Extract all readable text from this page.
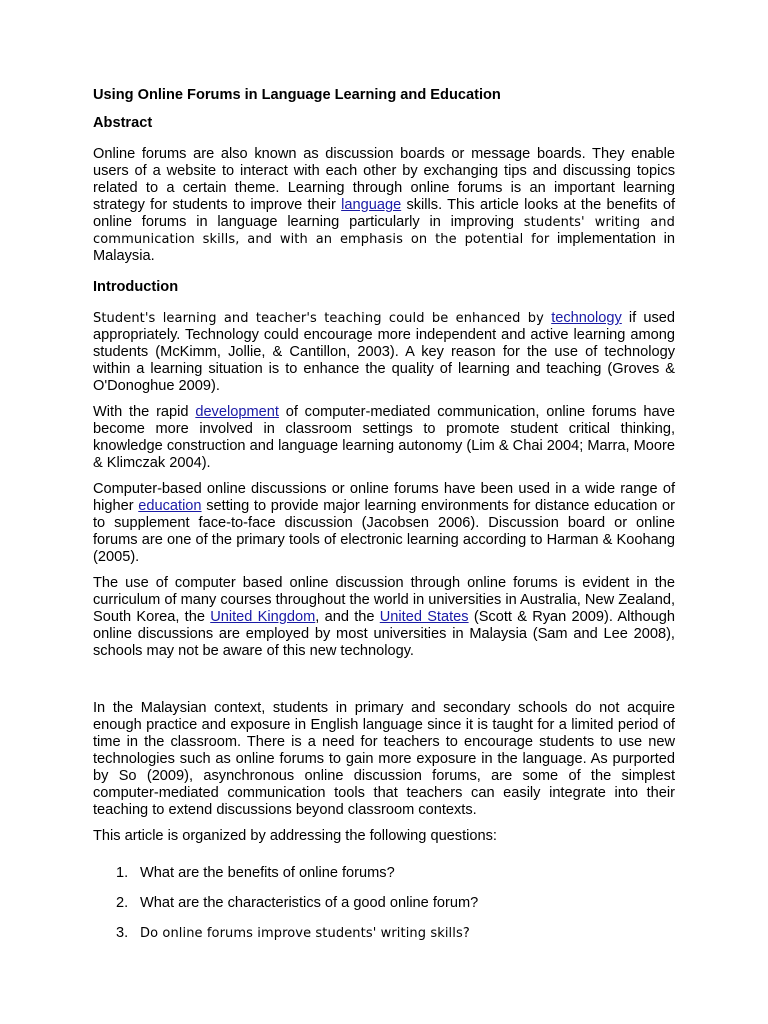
Using Online Forums in Language Learning and Education
Abstract

Online forums are also known as discussion boards or message boards. They enable users of a website to interact with each other by exchanging tips and discussing topics related to a certain theme. Learning through online forums is an important learning strategy for students to improve their language skills. This article looks at the benefits of online forums in language learning particularly in improving students' writing and communication skills, and with an emphasis on the potential for implementation in Malaysia.

Introduction

Student's learning and teacher's teaching could be enhanced by technology if used appropriately. Technology could encourage more independent and active learning among students (McKimm, Jollie, & Cantillon, 2003). A key reason for the use of technology within a learning situation is to enhance the quality of learning and teaching (Groves & O'Donoghue 2009).

With the rapid development of computer-mediated communication, online forums have become more involved in classroom settings to promote student critical thinking, knowledge construction and language learning autonomy (Lim & Chai 2004; Marra, Moore & Klimczak 2004).

Computer-based online discussions or online forums have been used in a wide range of higher education setting to provide major learning environments for distance education or to supplement face-to-face discussion (Jacobsen 2006). Discussion board or online forums are one of the primary tools of electronic learning according to Harman & Koohang (2005).

The use of computer based online discussion through online forums is evident in the curriculum of many courses throughout the world in universities in Australia, New Zealand, South Korea, the United Kingdom, and the United States (Scott & Ryan 2009). Although online discussions are employed by most universities in Malaysia (Sam and Lee 2008), schools may not be aware of this new technology.

In the Malaysian context, students in primary and secondary schools do not acquire enough practice and exposure in English language since it is taught for a limited period of time in the classroom. There is a need for teachers to encourage students to use new technologies such as online forums to gain more exposure in the language. As purported by So (2009), asynchronous online discussion forums, are some of the simplest computer-mediated communication tools that teachers can easily integrate into their teaching to extend discussions beyond classroom contexts.

This article is organized by addressing the following questions:

1. What are the benefits of online forums?
2. What are the characteristics of a good online forum?
3. Do online forums improve students' writing skills?
